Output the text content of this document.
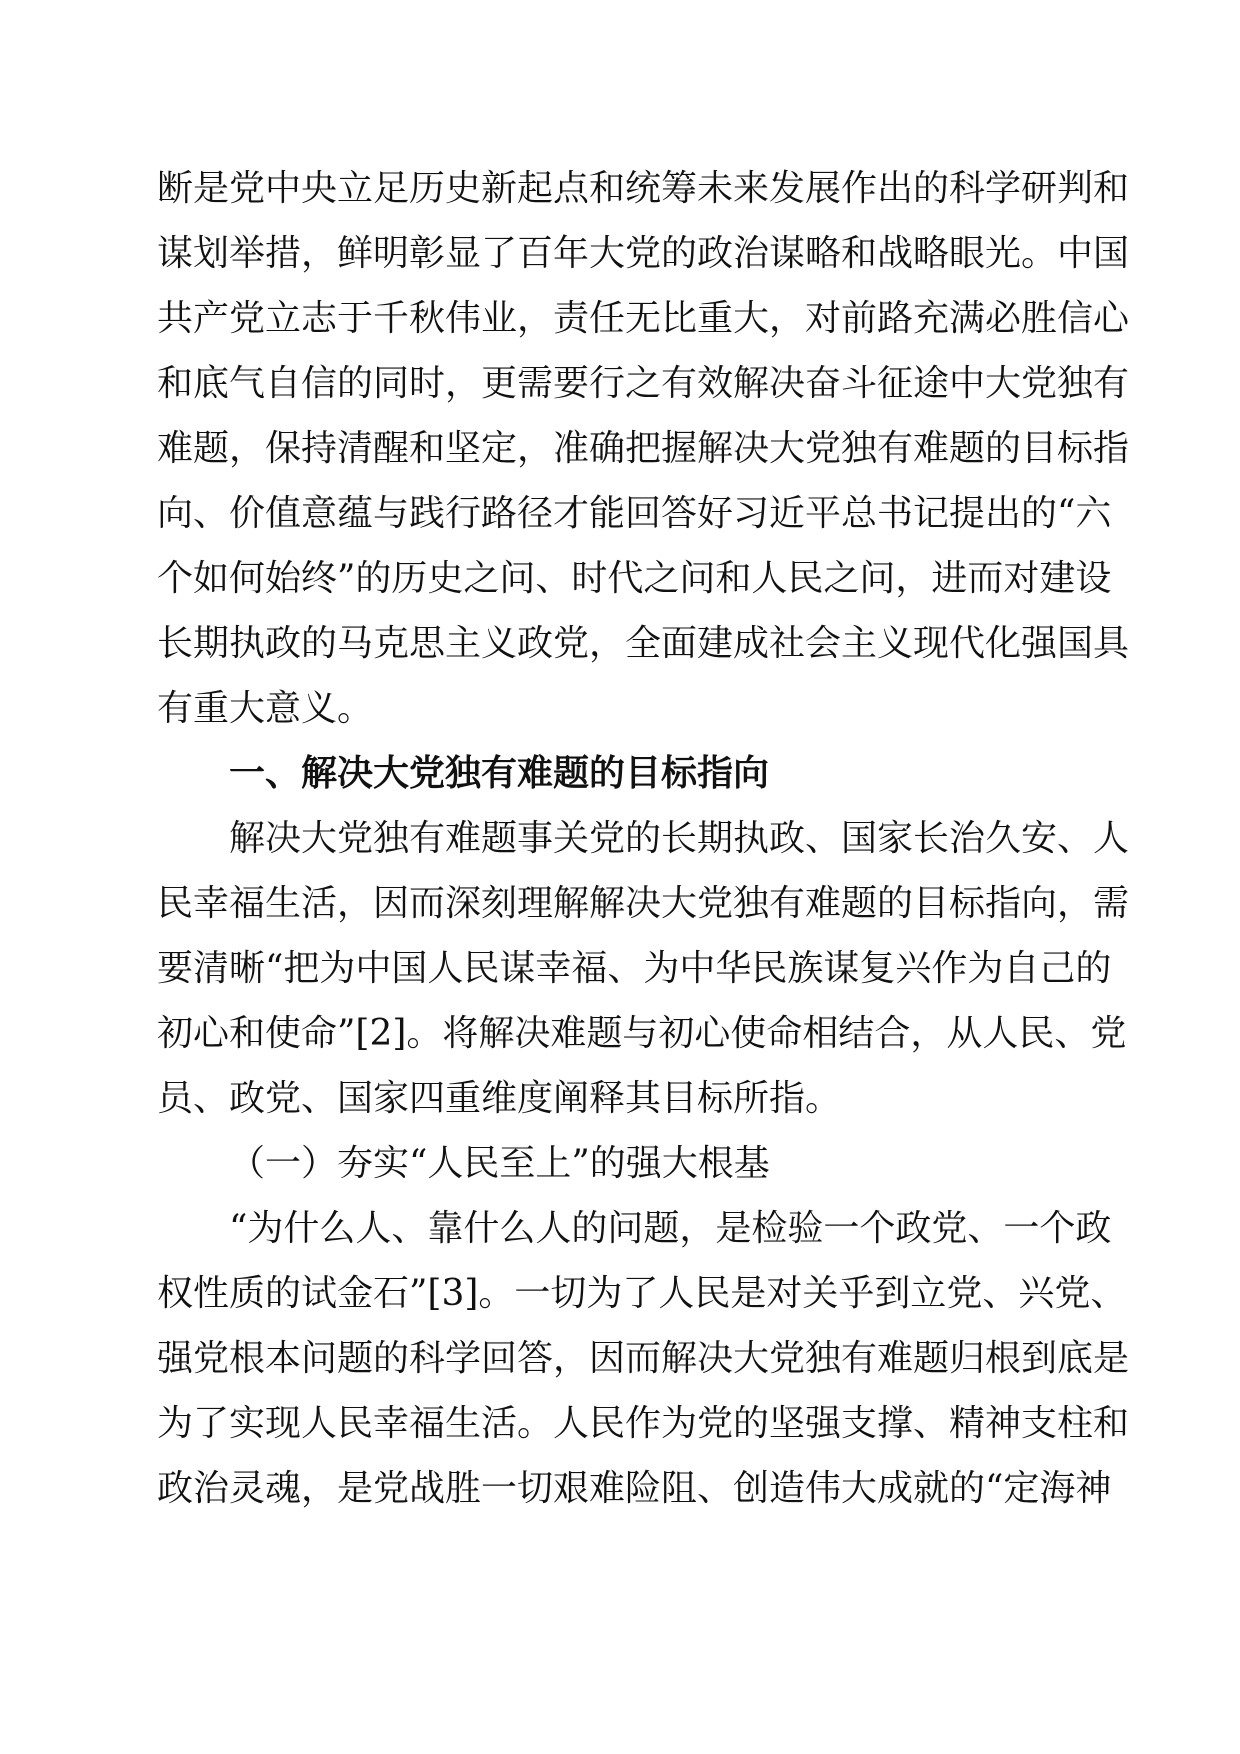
断是党中央立足历史新起点和统筹未来发展作出的科学研判和
谋划举措，鲜明彰显了百年大党的政治谋略和战略眼光。中国
共产党立志于千秋伟业，责任无比重大，对前路充满必胜信心
和底气自信的同时，更需要行之有效解决奋斗征途中大党独有
难题，保持清醒和坚定，准确把握解决大党独有难题的目标指
向、价值意蕴与践行路径才能回答好习近平总书记提出的“六
个如何始终”的历史之问、时代之问和人民之问，进而对建设
长期执政的马克思主义政党，全面建成社会主义现代化强国具
有重大意义。
一、解决大党独有难题的目标指向
解决大党独有难题事关党的长期执政、国家长治久安、人
民幸福生活，因而深刻理解解决大党独有难题的目标指向，需
要清晰“把为中国人民谋幸福、为中华民族谋复兴作为自己的
初心和使命”[2]。将解决难题与初心使命相结合，从人民、党
员、政党、国家四重维度阐释其目标所指。
（一）夯实“人民至上”的强大根基
“为什么人、靠什么人的问题，是检验一个政党、一个政
权性质的试金石”[3]。一切为了人民是对关乎到立党、兴党、
强党根本问题的科学回答，因而解决大党独有难题归根到底是
为了实现人民幸福生活。人民作为党的坚强支撑、精神支柱和
政治灵魂，是党战胜一切艰难险阻、创造伟大成就的“定海神
